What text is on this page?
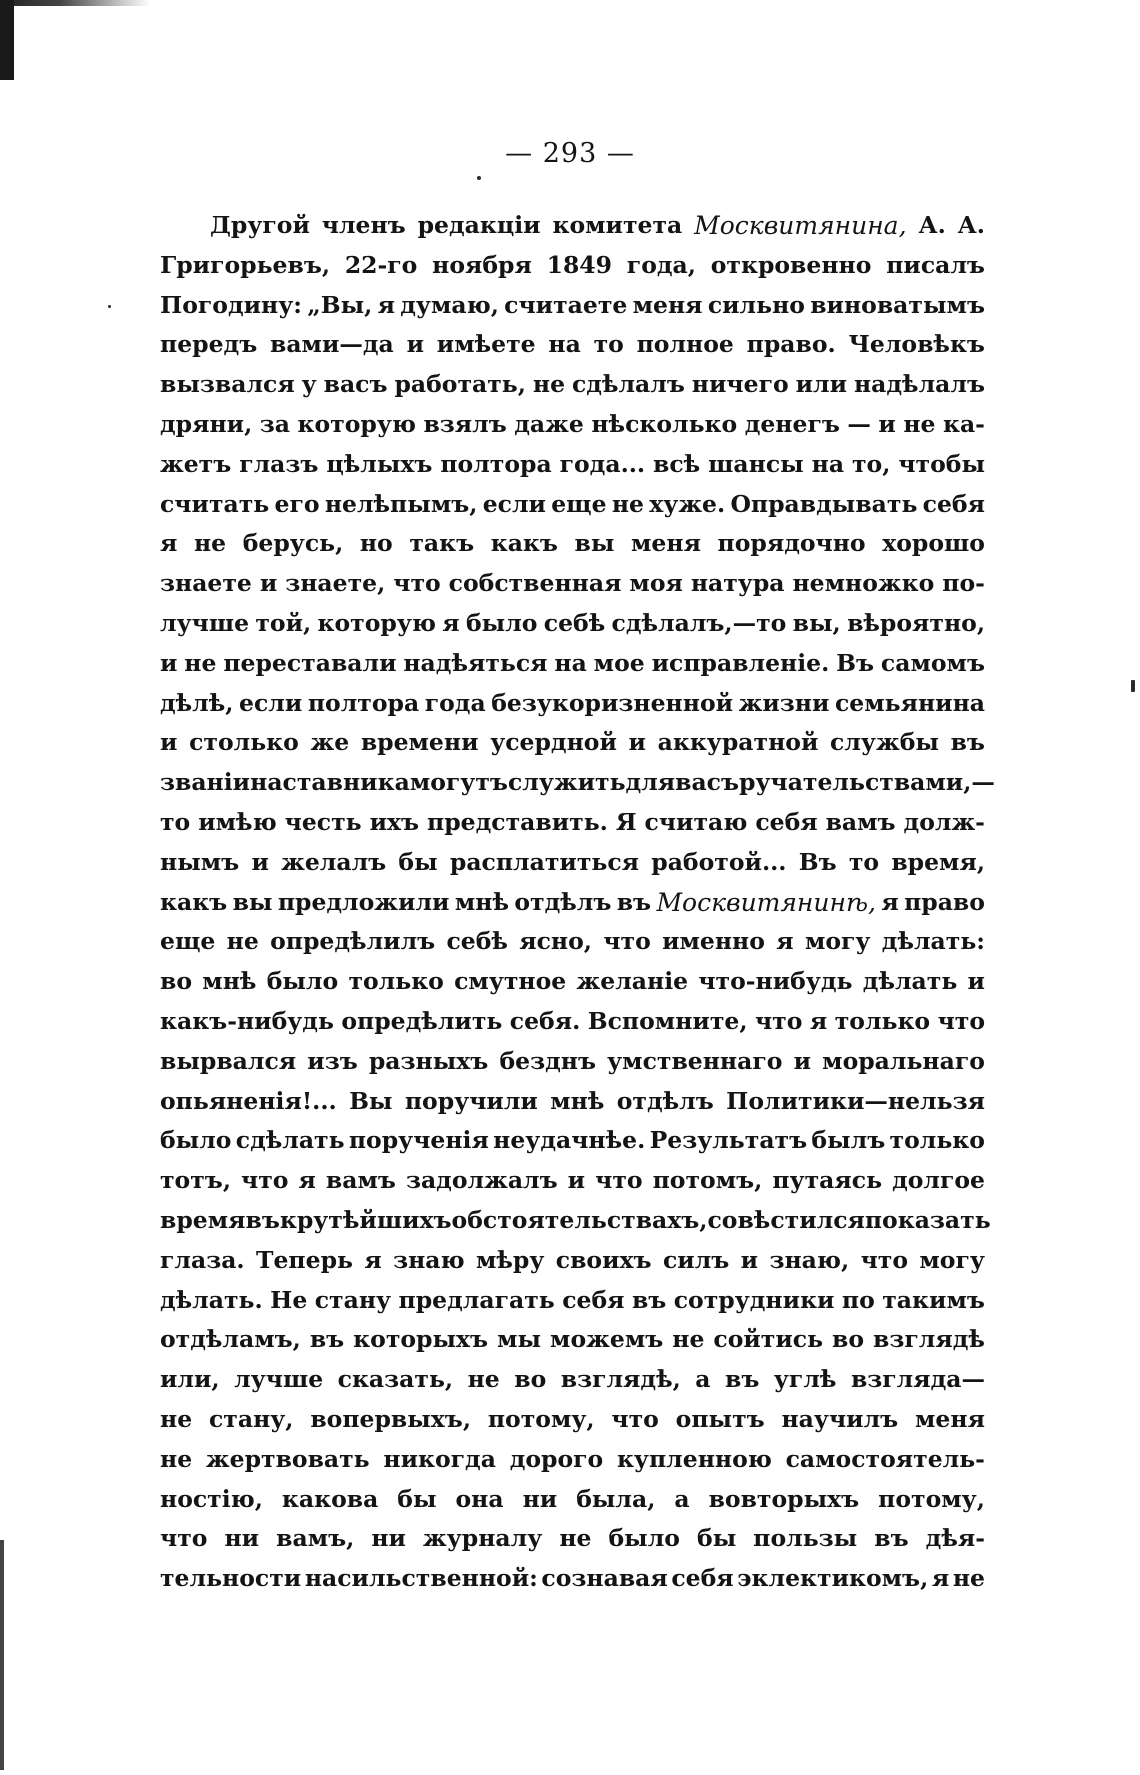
— 293 —
Другой членъ редакціи комитета Москвитянина, А. А.
Григорьевъ, 22-го ноября 1849 года, откровенно писалъ
Погодину: „Вы, я думаю, считаете меня сильно виноватымъ
передъ вами—да и имѣете на то полное право. Человѣкъ
вызвался у васъ работать, не сдѣлалъ ничего или надѣлалъ
дряни, за которую взялъ даже нѣсколько денегъ — и не ка-
жетъ глазъ цѣлыхъ полтора года... всѣ шансы на то, чтобы
считать его нелѣпымъ, если еще не хуже. Оправдывать себя
я не берусь, но такъ какъ вы меня порядочно хорошо
знаете и знаете, что собственная моя натура немножко по-
лучше той, которую я было себѣ сдѣлалъ,—то вы, вѣроятно,
и не переставали надѣяться на мое исправленіе. Въ самомъ
дѣлѣ, если полтора года безукоризненной жизни семьянина
и столько же времени усердной и аккуратной службы въ
званіи наставника могутъ служить для васъ ручательствами,—
то имѣю честь ихъ представить. Я считаю себя вамъ долж-
нымъ и желалъ бы расплатиться работой... Въ то время,
какъ вы предложили мнѣ отдѣлъ въ Москвитянинѣ, я право
еще не опредѣлилъ себѣ ясно, что именно я могу дѣлать:
во мнѣ было только смутное желаніе что-нибудь дѣлать и
какъ-нибудь опредѣлить себя. Вспомните, что я только что
вырвался изъ разныхъ безднъ умственнаго и моральнаго
опьяненія!... Вы поручили мнѣ отдѣлъ Политики—нельзя
было сдѣлать порученія неудачнѣе. Результатъ былъ только
тотъ, что я вамъ задолжалъ и что потомъ, путаясь долгое
время въ крутѣйшихъ обстоятельствахъ, совѣстился показать
глаза. Теперь я знаю мѣру своихъ силъ и знаю, что могу
дѣлать. Не стану предлагать себя въ сотрудники по такимъ
отдѣламъ, въ которыхъ мы можемъ не сойтись во взглядѣ
или, лучше сказать, не во взглядѣ, а въ углѣ взгляда—
не стану, вопервыхъ, потому, что опытъ научилъ меня
не жертвовать никогда дорого купленною самостоятель-
ностію, какова бы она ни была, а вовторыхъ потому,
что ни вамъ, ни журналу не было бы пользы въ дѣя-
тельности насильственной: сознавая себя эклектикомъ, я не
